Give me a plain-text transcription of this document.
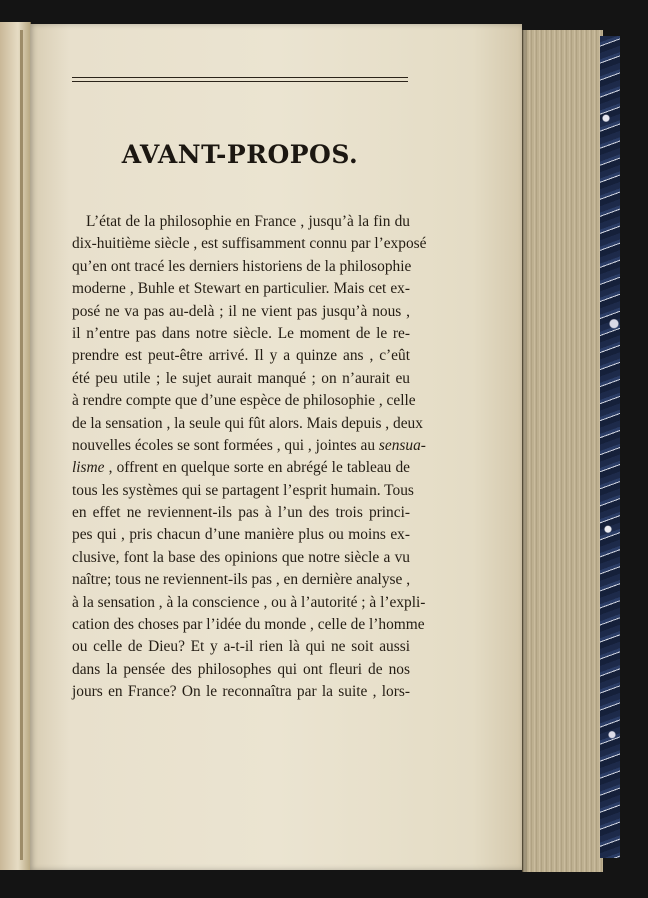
AVANT-PROPOS.
L’état de la philosophie en France , jusqu’à la fin du
dix-huitième siècle , est suffisamment connu par l’exposé
qu’en ont tracé les derniers historiens de la philosophie
moderne , Buhle et Stewart en particulier. Mais cet ex-
posé ne va pas au-delà ; il ne vient pas jusqu’à nous ,
il n’entre pas dans notre siècle. Le moment de le re-
prendre est peut-être arrivé. Il y a quinze ans , c’eût
été peu utile ; le sujet aurait manqué ; on n’aurait eu
à rendre compte que d’une espèce de philosophie , celle
de la sensation , la seule qui fût alors. Mais depuis , deux
nouvelles écoles se sont formées , qui , jointes au sensua-
lisme , offrent en quelque sorte en abrégé le tableau de
tous les systèmes qui se partagent l’esprit humain. Tous
en effet ne reviennent-ils pas à l’un des trois princi-
pes qui , pris chacun d’une manière plus ou moins ex-
clusive, font la base des opinions que notre siècle a vu
naître; tous ne reviennent-ils pas , en dernière analyse ,
à la sensation , à la conscience , ou à l’autorité ; à l’expli-
cation des choses par l’idée du monde , celle de l’homme
ou celle de Dieu? Et y a-t-il rien là qui ne soit aussi
dans la pensée des philosophes qui ont fleuri de nos
jours en France? On le reconnaîtra par la suite , lors-
